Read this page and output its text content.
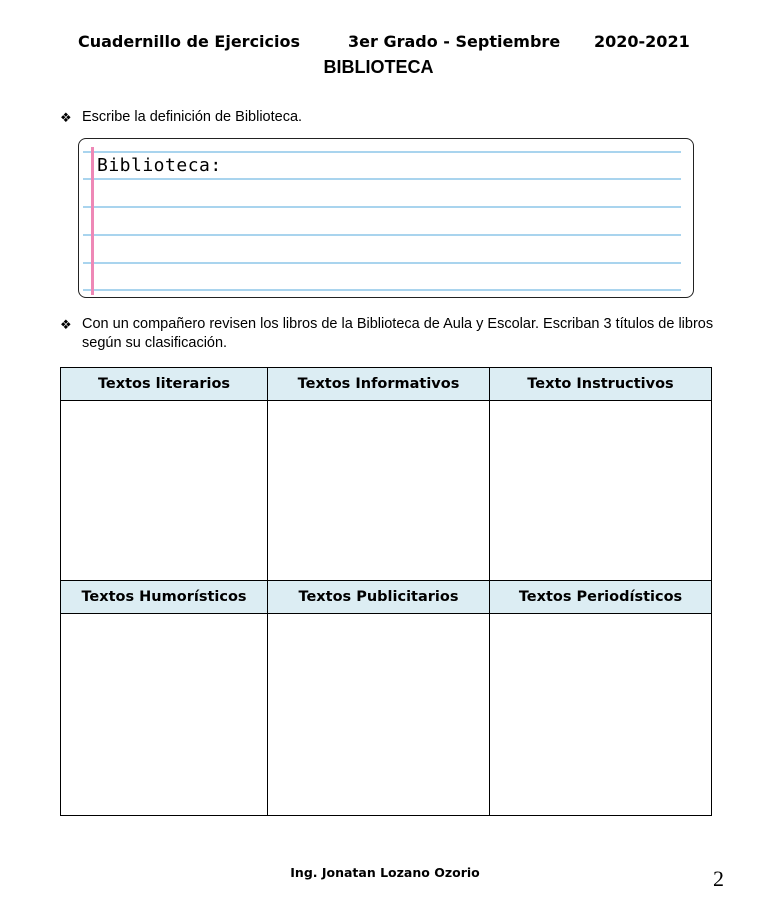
Cuadernillo de Ejercicios	3er Grado - Septiembre 2020-2021
BIBLIOTECA
❖ Escribe la definición de Biblioteca.
Biblioteca:
❖ Con un compañero revisen los libros de la Biblioteca de Aula y Escolar. Escriban 3 títulos de libros según su clasificación.
Textos literarios	Textos Informativos	Texto Instructivos

Textos Humorísticos	Textos Publicitarios	Textos Periodísticos

Ing. Jonatan Lozano Ozorio	2
